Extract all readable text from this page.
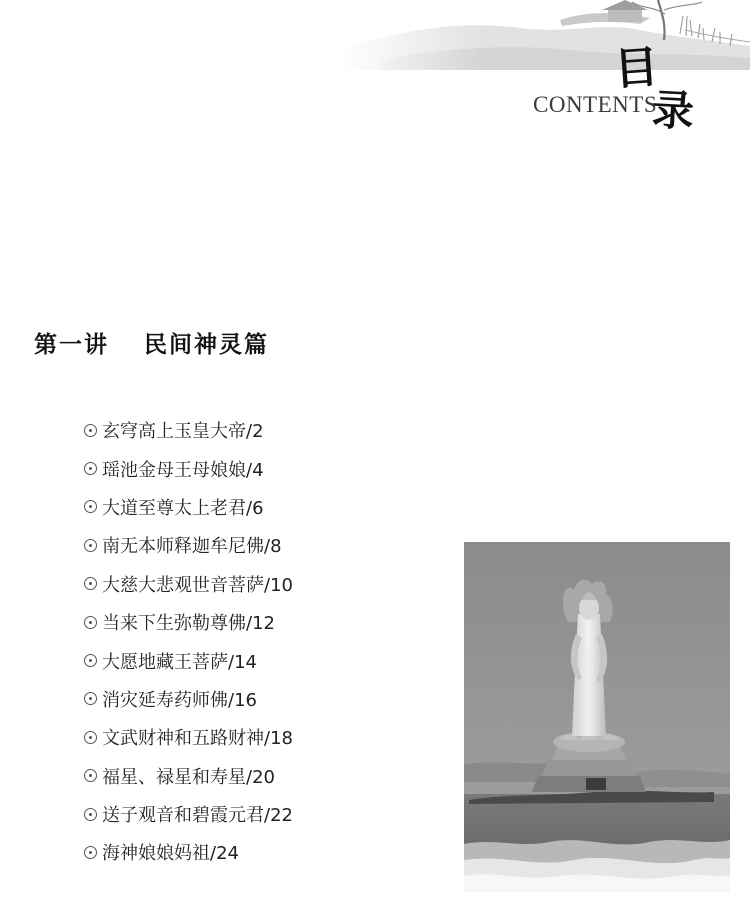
目
录
CONTENTS
第一讲　 民间神灵篇
玄穹高上玉皇大帝/2
瑶池金母王母娘娘/4
大道至尊太上老君/6
南无本师释迦牟尼佛/8
大慈大悲观世音菩萨/10
当来下生弥勒尊佛/12
大愿地藏王菩萨/14
消灾延寿药师佛/16
文武财神和五路财神/18
福星、禄星和寿星/20
送子观音和碧霞元君/22
海神娘娘妈祖/24
